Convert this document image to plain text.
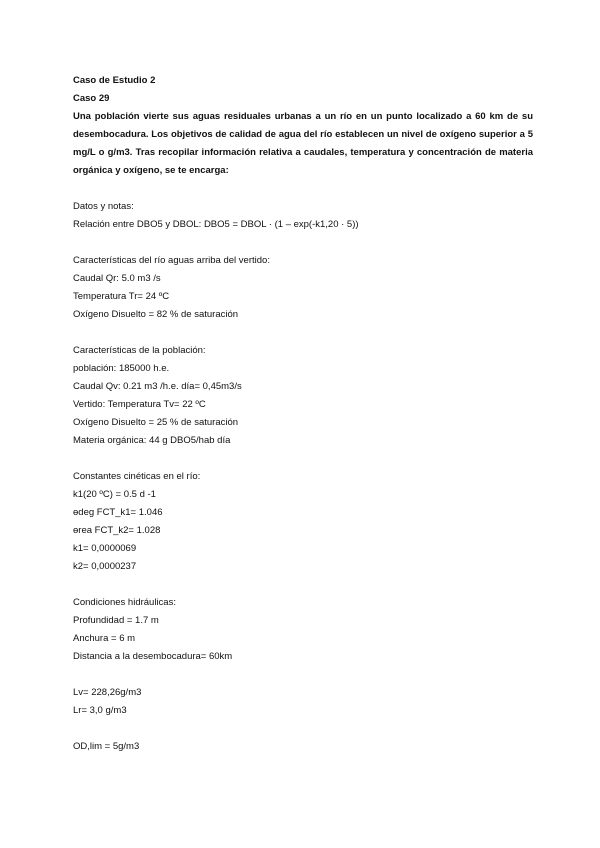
Caso de Estudio 2
Caso 29

Una población vierte sus aguas residuales urbanas a un río en un punto localizado a 60 km de su desembocadura. Los objetivos de calidad de agua del río establecen un nivel de oxígeno superior a 5 mg/L o g/m3. Tras recopilar información relativa a caudales, temperatura y concentración de materia orgánica y oxígeno, se te encarga:

Datos y notas:
Relación entre DBO5 y DBOL: DBO5 = DBOL · (1 – exp(-k1,20 · 5))
Características del río aguas arriba del vertido:
Caudal Qr: 5.0 m3 /s
Temperatura Tr= 24 ºC
Oxígeno Disuelto = 82 % de saturación
Características de la población:
población: 185000 h.e.
Caudal Qv: 0.21 m3 /h.e. día= 0,45m3/s
Vertido: Temperatura Tv= 22 ºC
Oxígeno Disuelto = 25 % de saturación
Materia orgánica: 44 g DBO5/hab día
Constantes cinéticas en el río:
k1(20 ºC) = 0.5 d -1
ɵdeg FCT_k1= 1.046
ɵrea FCT_k2= 1.028
k1= 0,0000069
k2= 0,0000237
Condiciones hidráulicas:
Profundidad = 1.7 m
Anchura = 6 m
Distancia a la desembocadura= 60km
Lv= 228,26g/m3
Lr= 3,0 g/m3
OD,lim = 5g/m3
